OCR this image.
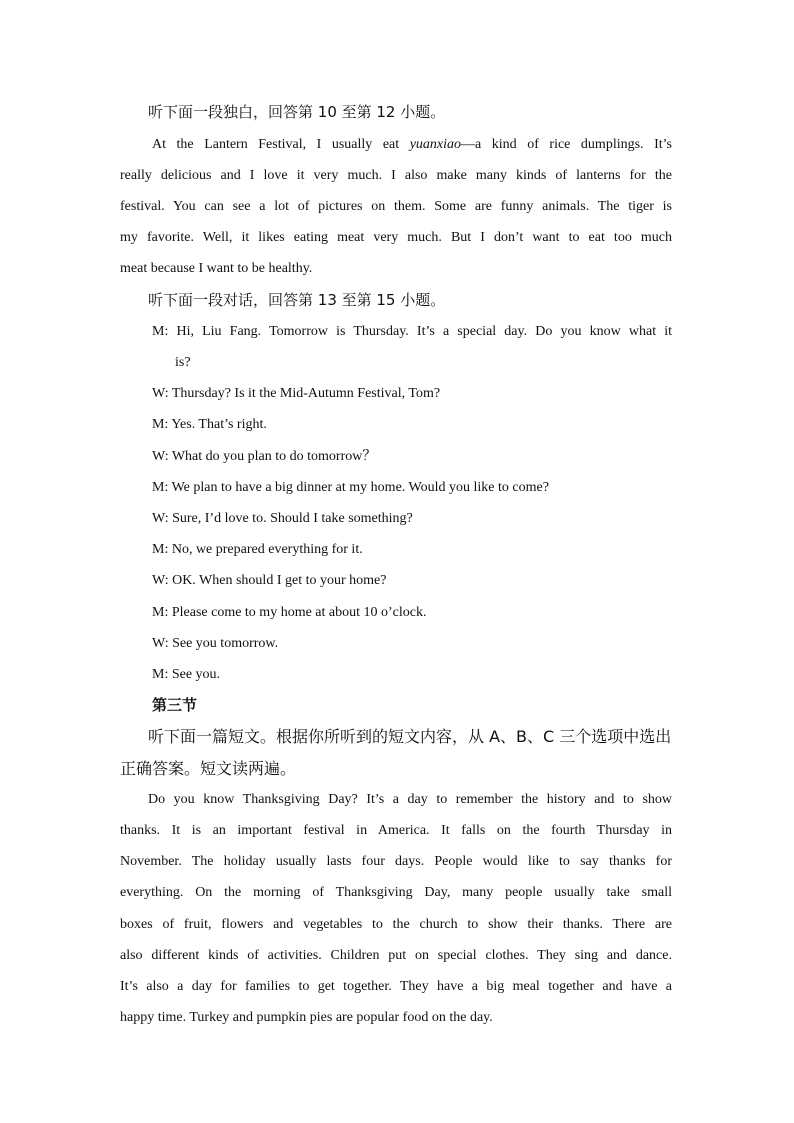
听下面一段独白，回答第 10 至第 12 小题。
At the Lantern Festival, I usually eat yuanxiao—a kind of rice dumplings. It’s
really delicious and I love it very much. I also make many kinds of lanterns for the
festival. You can see a lot of pictures on them. Some are funny animals. The tiger is
my favorite. Well, it likes eating meat very much. But I don’t want to eat too much
meat because I want to be healthy.
听下面一段对话，回答第 13 至第 15 小题。
M: Hi, Liu Fang. Tomorrow is Thursday. It’s a special day. Do you know what it
is?
W: Thursday? Is it the Mid-Autumn Festival, Tom?
M: Yes. That’s right.
W: What do you plan to do tomorrow？
M: We plan to have a big dinner at my home. Would you like to come?
W: Sure, I’d love to. Should I take something?
M: No, we prepared everything for it.
W: OK. When should I get to your home?
M: Please come to my home at about 10 o’clock.
W: See you tomorrow.
M: See you.
第三节
听下面一篇短文。根据你所听到的短文内容，从 A、B、C 三个选项中选出
正确答案。短文读两遍。
Do you know Thanksgiving Day? It’s a day to remember the history and to show
thanks. It is an important festival in America. It falls on the fourth Thursday in
November. The holiday usually lasts four days. People would like to say thanks for
everything. On the morning of Thanksgiving Day, many people usually take small
boxes of fruit, flowers and vegetables to the church to show their thanks. There are
also different kinds of activities. Children put on special clothes. They sing and dance.
It’s also a day for families to get together. They have a big meal together and have a
happy time. Turkey and pumpkin pies are popular food on the day.
